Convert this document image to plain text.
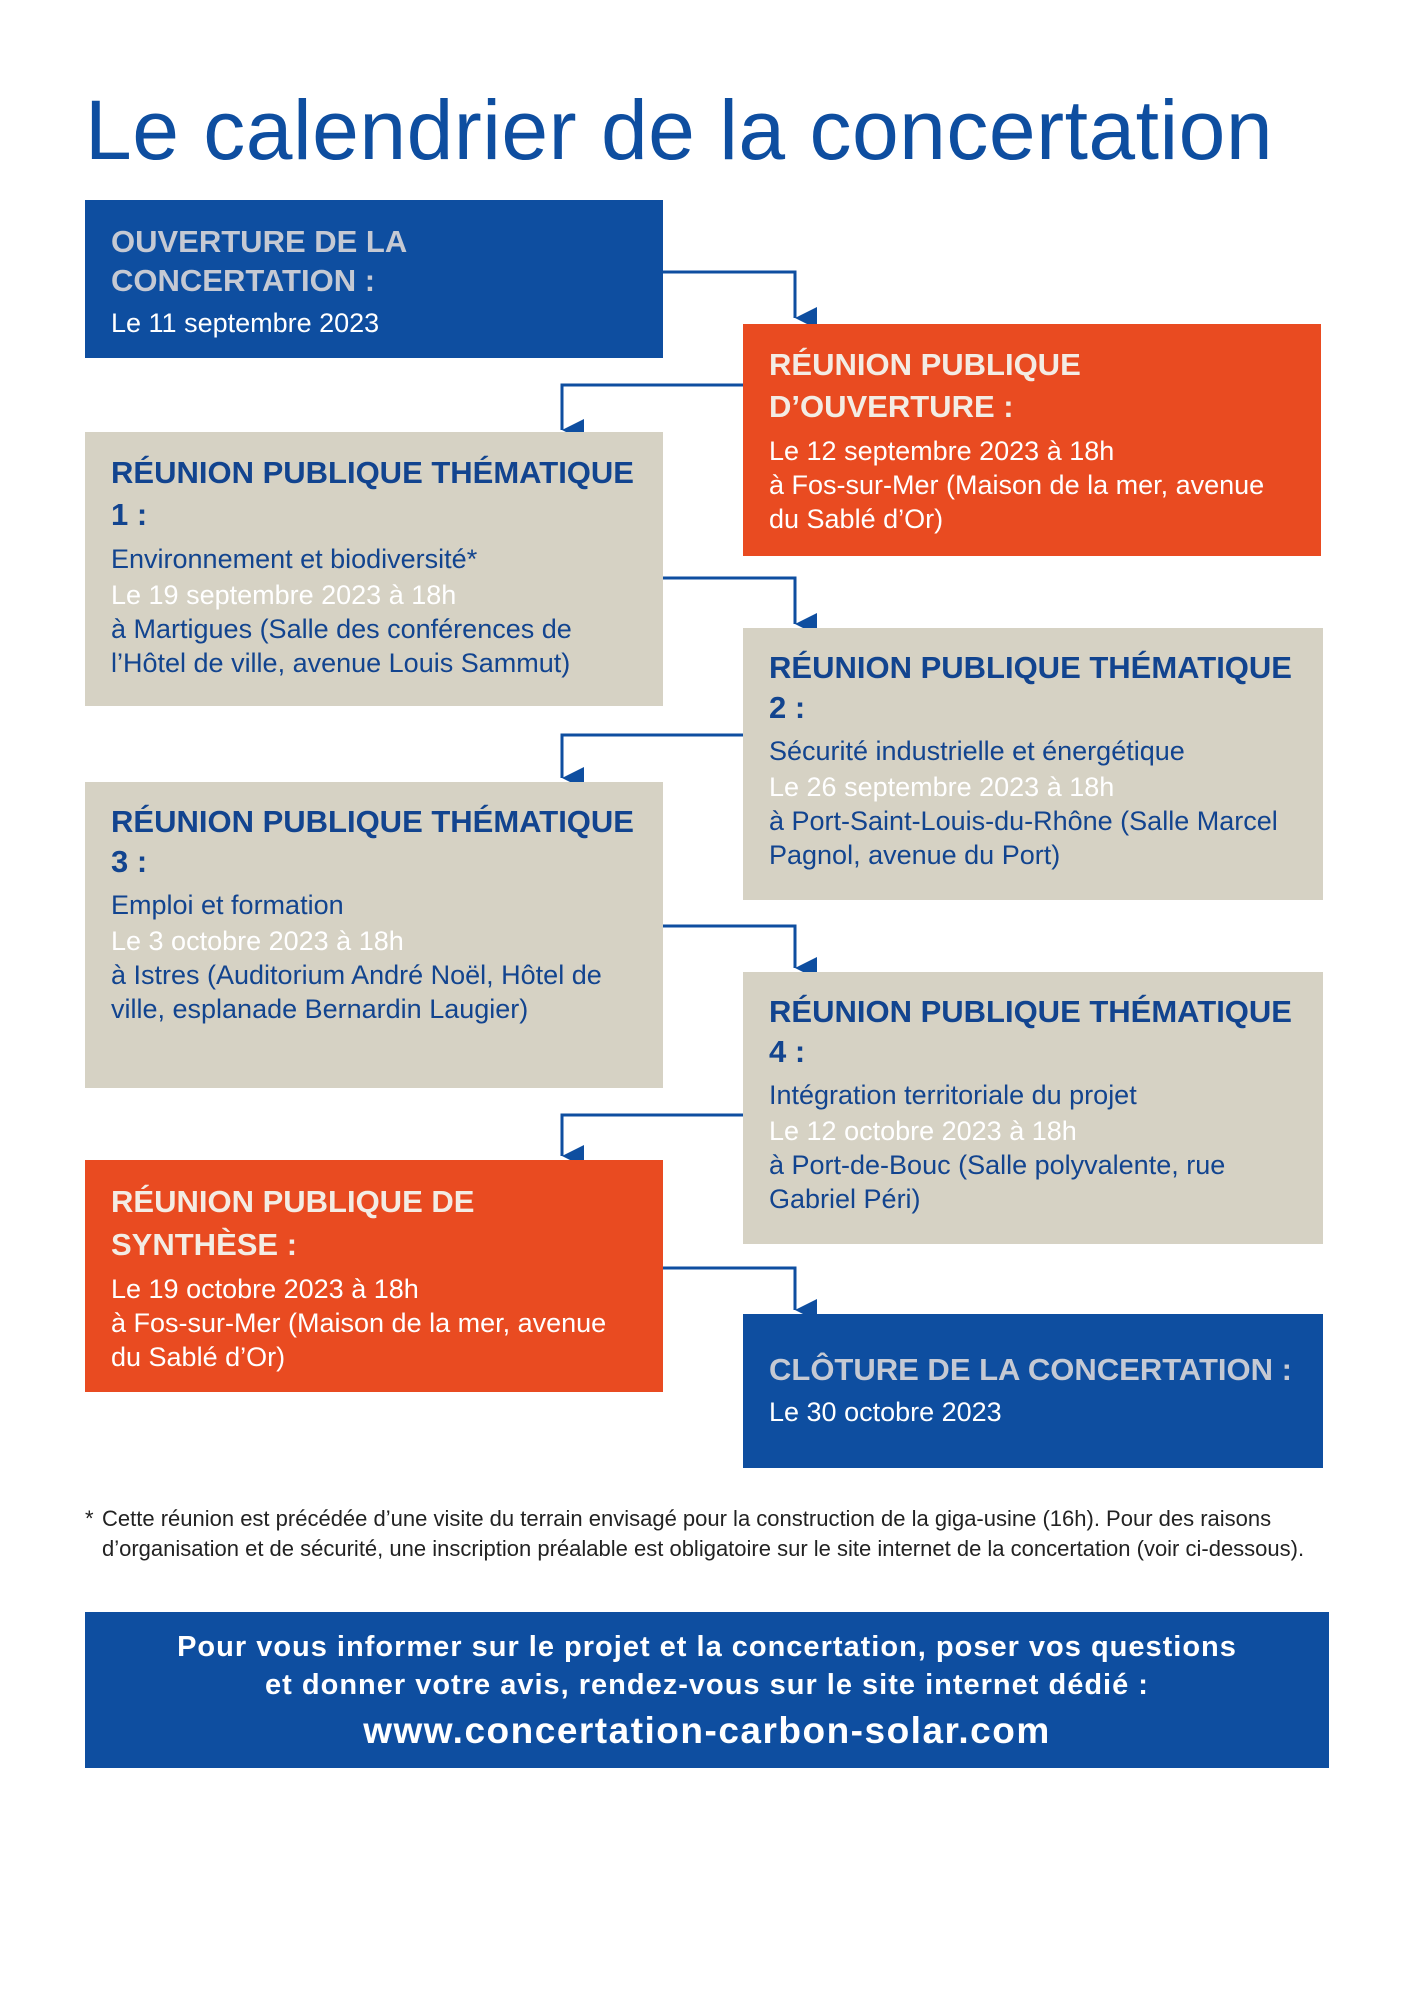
Le calendrier de la concertation
OUVERTURE DE LA CONCERTATION :

Le 11 septembre 2023

RÉUNION PUBLIQUE D’OUVERTURE :

Le 12 septembre 2023 à 18h

à Fos-sur-Mer (Maison de la mer, avenue du Sablé d’Or)

RÉUNION PUBLIQUE THÉMATIQUE 1 :

Environnement et biodiversité*

Le 19 septembre 2023 à 18h

à Martigues (Salle des conférences de l’Hôtel de ville, avenue Louis Sammut)	RÉUNION PUBLIQUE THÉMATIQUE 2 :

Sécurité industrielle et énergétique

Le 26 septembre 2023 à 18h

à Port-Saint-Louis-du-Rhône (Salle Marcel Pagnol, avenue du Port)

RÉUNION PUBLIQUE THÉMATIQUE 3 :

Emploi et formation

Le 3 octobre 2023 à 18h

à Istres (Auditorium André Noël, Hôtel de ville, esplanade Bernardin Laugier)	RÉUNION PUBLIQUE THÉMATIQUE 4 :

Intégration territoriale du projet

Le 12 octobre 2023 à 18h

à Port-de-Bouc (Salle polyvalente, rue Gabriel Péri)

RÉUNION PUBLIQUE DE SYNTHÈSE :

Le 19 octobre 2023 à 18h

à Fos-sur-Mer (Maison de la mer, avenue du Sablé d’Or)	CLÔTURE DE LA CONCERTATION :

Le 30 octobre 2023

* Cette réunion est précédée d’une visite du terrain envisagé pour la construction de la giga-usine (16h). Pour des raisons d’organisation et de sécurité, une inscription préalable est obligatoire sur le site internet de la concertation (voir ci-dessous).
Pour vous informer sur le projet et la concertation, poser vos questions
et donner votre avis, rendez-vous sur le site internet dédié :
www.concertation-carbon-solar.com
